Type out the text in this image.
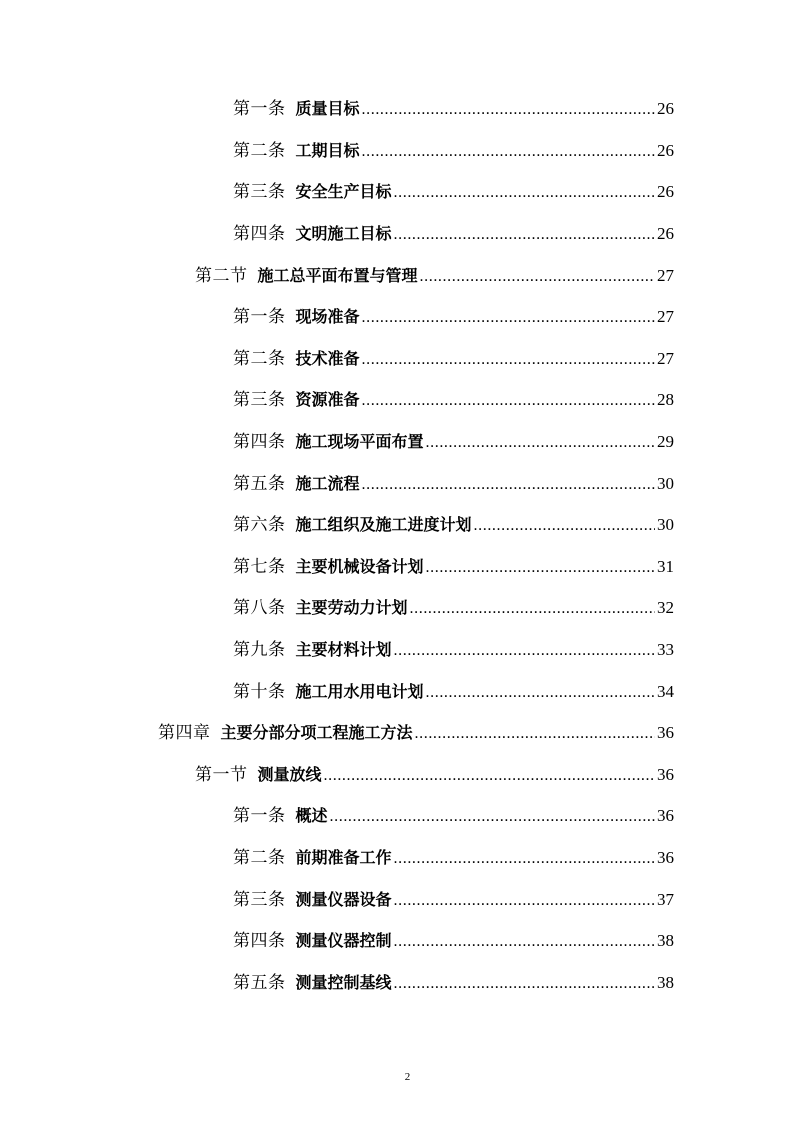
第一条 质量目标 .....	26
第二条 工期目标 .....	26
第三条 安全生产目标 .....	26
第四条 文明施工目标 .....	26
第二节 施工总平面布置与管理 .....	27
第一条 现场准备 .....	27
第二条 技术准备 .....	27
第三条 资源准备 .....	28
第四条 施工现场平面布置 .....	29
第五条 施工流程 .....	30
第六条 施工组织及施工进度计划 .....	30
第七条 主要机械设备计划 .....	31
第八条 主要劳动力计划 .....	32
第九条 主要材料计划 .....	33
第十条 施工用水用电计划 .....	34
第四章 主要分部分项工程施工方法 .....	36
第一节 测量放线 .....	36
第一条 概述 .....	36
第二条 前期准备工作 .....	36
第三条 测量仪器设备 .....	37
第四条 测量仪器控制 .....	38
第五条 测量控制基线 .....	38
2
